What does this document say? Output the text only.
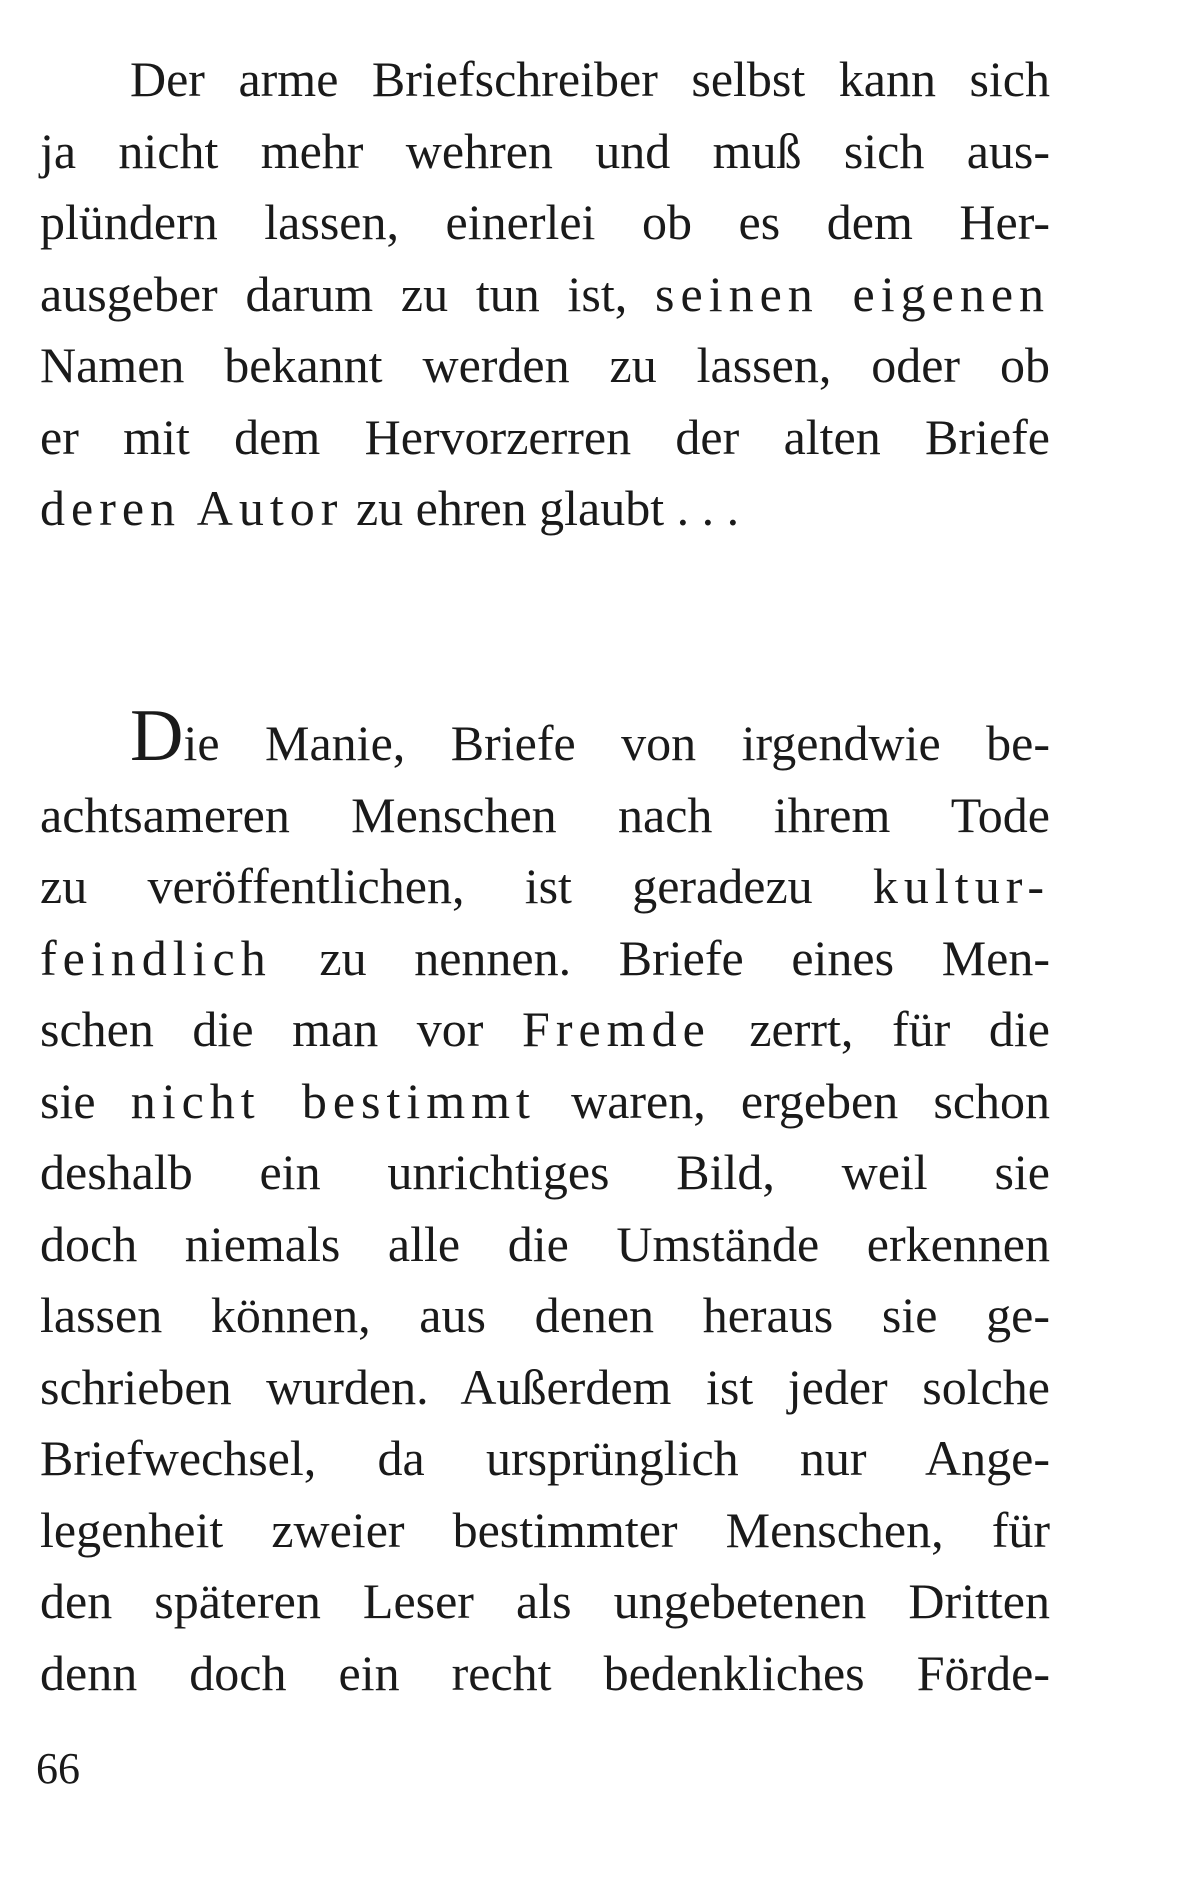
Der arme Briefschreiber selbst kann sich
ja nicht mehr wehren und muß sich aus-
plündern lassen, einerlei ob es dem Her-
ausgeber darum zu tun ist, seinen eigenen
Namen bekannt werden zu lassen, oder ob
er mit dem Hervorzerren der alten Briefe
deren Autor zu ehren glaubt . . .
Die Manie, Briefe von irgendwie be-
achtsameren Menschen nach ihrem Tode
zu veröffentlichen, ist geradezu kultur-
feindlich zu nennen. Briefe eines Men-
schen die man vor Fremde zerrt, für die
sie nicht bestimmt waren, ergeben schon
deshalb ein unrichtiges Bild, weil sie
doch niemals alle die Umstände erkennen
lassen können, aus denen heraus sie ge-
schrieben wurden. Außerdem ist jeder solche
Briefwechsel, da ursprünglich nur Ange-
legenheit zweier bestimmter Menschen, für
den späteren Leser als ungebetenen Dritten
denn doch ein recht bedenkliches Förde-
66
